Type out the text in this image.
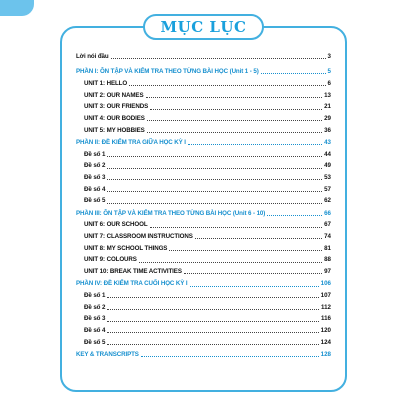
MỤC LỤC
Lời nói đầu	3
PHẦN I: ÔN TẬP VÀ KIỂM TRA THEO TỪNG BÀI HỌC (Unit 1 - 5)	5
UNIT 1: HELLO	6
UNIT 2: OUR NAMES	13
UNIT 3: OUR FRIENDS	21
UNIT 4: OUR BODIES	29
UNIT 5: MY HOBBIES	36
PHẦN II: ĐỀ KIỂM TRA GIỮA HỌC KỲ I	43
Đề số 1	44
Đề số 2	49
Đề số 3	53
Đề số 4	57
Đề số 5	62
PHẦN III: ÔN TẬP VÀ KIỂM TRA THEO TỪNG BÀI HỌC (Unit 6 - 10)	66
UNIT 6: OUR SCHOOL	67
UNIT 7: CLASSROOM INSTRUCTIONS	74
UNIT 8: MY SCHOOL THINGS	81
UNIT 9: COLOURS	88
UNIT 10: BREAK TIME ACTIVITIES	97
PHẦN IV: ĐỀ KIỂM TRA CUỐI HỌC KỲ I	106
Đề số 1	107
Đề số 2	112
Đề số 3	116
Đề số 4	120
Đề số 5	124
KEY & TRANSCRIPTS	128
